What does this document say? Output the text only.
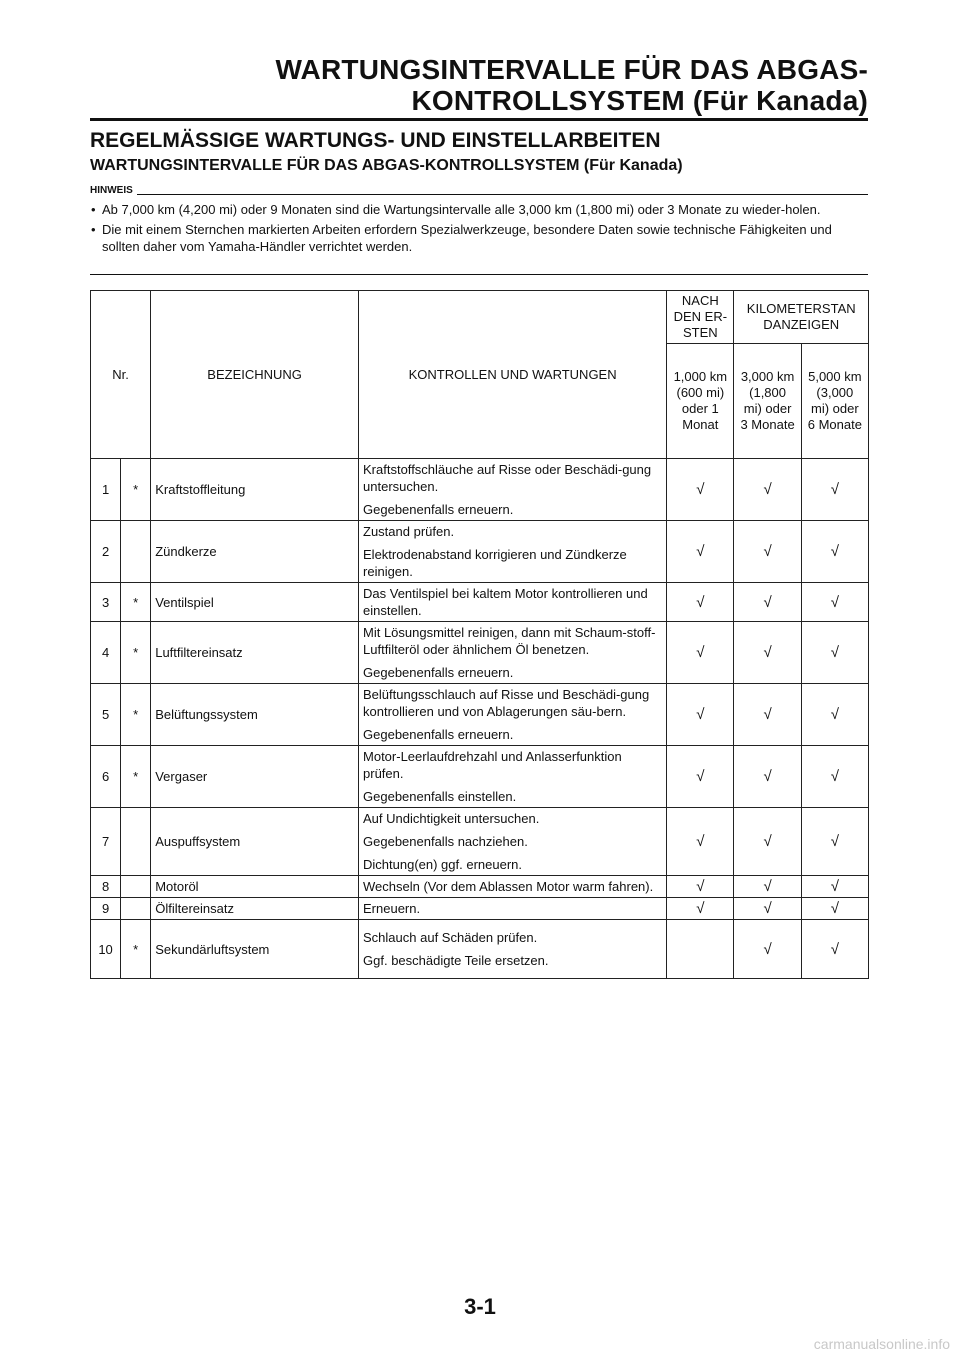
WARTUNGSINTERVALLE FÜR DAS ABGAS-

KONTROLLSYSTEM (Für Kanada)

REGELMÄSSIGE WARTUNGS- UND EINSTELLARBEITEN
WARTUNGSINTERVALLE FÜR DAS ABGAS-KONTROLLSYSTEM (Für Kanada)
HINWEIS
• Ab 7,000 km (4,200 mi) oder 9 Monaten sind die Wartungsintervalle alle 3,000 km (1,800 mi) oder 3 Monate zu wieder-holen.
• Die mit einem Sternchen markierten Arbeiten erfordern Spezialwerkzeuge, besondere Daten sowie technische Fähigkeiten und sollten daher vom Yamaha-Händler verrichtet werden.
Nr.		BEZEICHNUNG	KONTROLLEN UND WARTUNGEN	NACH DEN ER-STEN	KILOMETERSTAN DANZEIGEN	
				1,000 km (600 mi) oder 1 Monat	3,000 km (1,800 mi) oder 3 Monate	5,000 km (3,000 mi) oder 6 Monate
1	*	Kraftstoffleitung	Kraftstoffschläuche auf Risse oder Beschädi-gung untersuchen.
Gegebenenfalls erneuern.	√	√	√
2		Zündkerze	Zustand prüfen.
Elektrodenabstand korrigieren und Zündkerze reinigen.	√	√	√
3	*	Ventilspiel	Das Ventilspiel bei kaltem Motor kontrollieren und einstellen.	√	√	√
4	*	Luftfiltereinsatz	Mit Lösungsmittel reinigen, dann mit Schaum-stoff-Luftfilteröl oder ähnlichem Öl benetzen.
Gegebenenfalls erneuern.	√	√	√
5	*	Belüftungssystem	Belüftungsschlauch auf Risse und Beschädi-gung kontrollieren und von Ablagerungen säu-bern.
Gegebenenfalls erneuern.	√	√	√
6	*	Vergaser	Motor-Leerlaufdrehzahl und Anlasserfunktion prüfen.
Gegebenenfalls einstellen.	√	√	√
7		Auspuffsystem	Auf Undichtigkeit untersuchen.
Gegebenenfalls nachziehen.
Dichtung(en) ggf. erneuern.	√	√	√
8		Motoröl	Wechseln (Vor dem Ablassen Motor warm fahren).	√	√	√
9		Ölfiltereinsatz	Erneuern.	√	√	√
10	*	Sekundärluftsystem	Schlauch auf Schäden prüfen.
Ggf. beschädigte Teile ersetzen.		√	√

3-1

carmanualsonline.info
